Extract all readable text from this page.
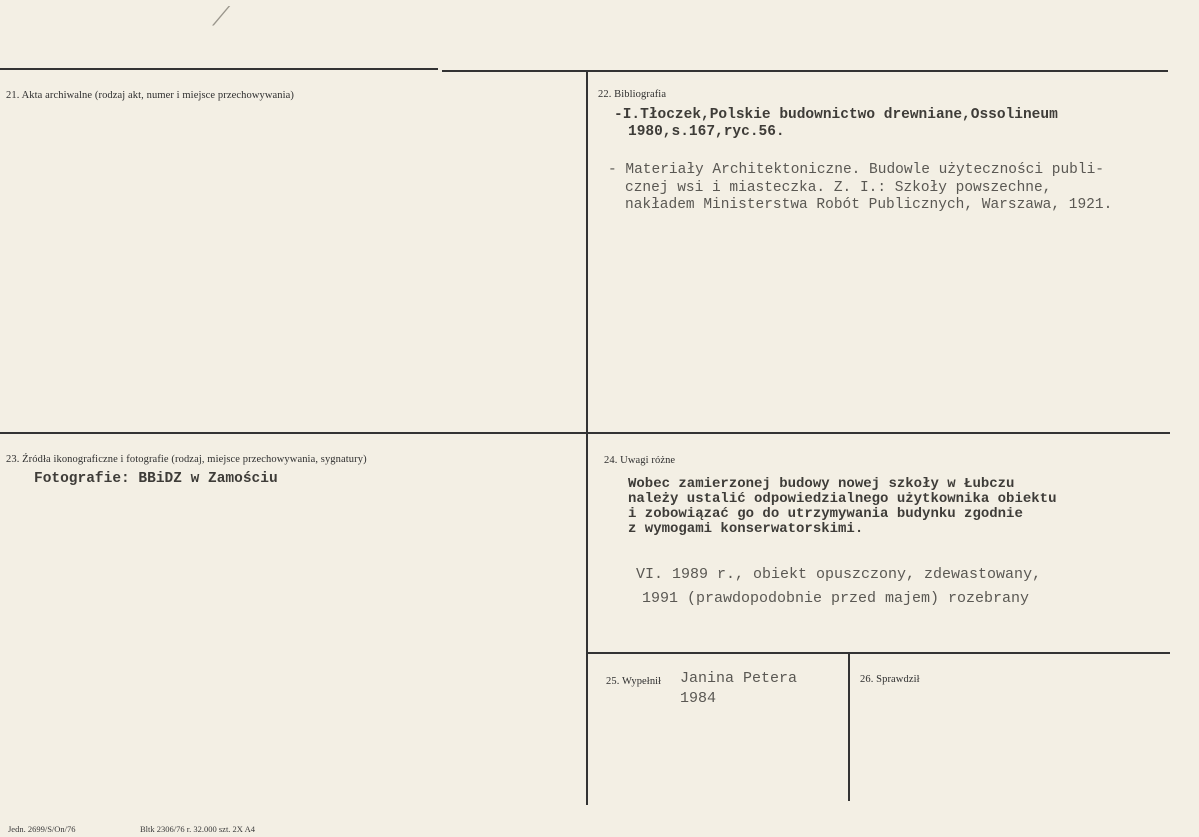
⟋
21. Akta archiwalne (rodzaj akt, numer i miejsce przechowywania)	22. Bibliografia
-I.Tłoczek,Polskie budownictwo drewniane,Ossolineum
1980,s.167,ryc.56.
- Materiały Architektoniczne. Budowle użyteczności publi-
cznej wsi i miasteczka. Z. I.: Szkoły powszechne,
nakładem Ministerstwa Robót Publicznych, Warszawa, 1921.
23. Źródła ikonograficzne i fotografie (rodzaj, miejsce przechowywania, sygnatury)
Fotografie: BBiDZ w Zamościu
24. Uwagi różne
Wobec zamierzonej budowy nowej szkoły w Łubczu
należy ustalić odpowiedzialnego użytkownika obiektu
i zobowiązać go do utrzymywania budynku zgodnie
z wymogami konserwatorskimi.
VI. 1989 r., obiekt opuszczony, zdewastowany,
1991 (prawdopodobnie przed majem) rozebrany
25. Wypełnił Janina Petera
1984
26. Sprawdził
Jedn. 2699/S/On/76	Bltk 2306/76 r. 32.000 szt. 2X A4
